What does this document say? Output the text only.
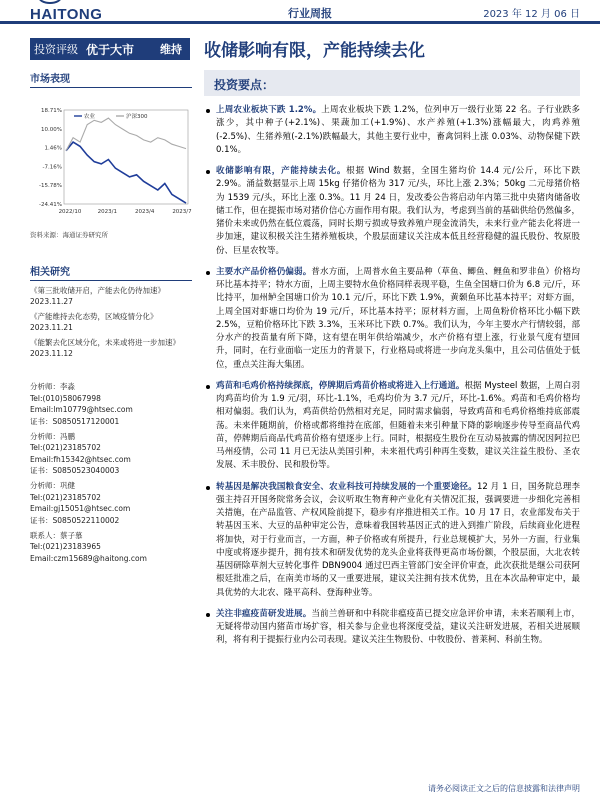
HAITONG	行业周报	2023 年 12 月 06 日
投资评级 优于大市	维持	收储影响有限，产能持续去化
市场表现
18.71%
10.00%
1.46%
-7.16%
-15.78%
-24.41%
2022/10	2023/1	2023/4	2023/7
农业	沪深300
资料来源：海通证券研究所
相关研究
《第三批收储开启，产能去化仍待加速》2023.11.27
《产能维持去化态势，区域疫情分化》2023.11.21
《能繁去化区域分化，未来或将进一步加速》2023.11.12
分析师：李淼
Tel:(010)58067998
Email:lm10779@htsec.com
证书：S0850517120001
分析师：冯鹏
Tel:(021)23185702
Email:fh15342@htsec.com
证书：S0850523040003
分析师：巩健
Tel:(021)23185702
Email:gj15051@htsec.com
证书：S0850522110002
联系人：蔡子慕
Tel:(021)23183965
Email:czm15689@haitong.com
投资要点：
上周农业板块下跌 1.2%。上周农业板块下跌 1.2%，位列申万一级行业第 22 名。子行业跌多涨少，其中种子(+2.1%)、果蔬加工(+1.9%)、水产养殖(+1.3%)涨幅最大，肉鸡养殖(-2.5%)、生猪养殖(-2.1%)跌幅最大，其他主要行业中，畜禽饲料上涨 0.03%、动物保健下跌 0.1%。
收储影响有限，产能持续去化。根据 Wind 数据，全国生猪均价 14.4 元/公斤，环比下跌 2.9%。涌益数据显示上周 15kg 仔猪价格为 317 元/头，环比上涨 2.3%；50kg 二元母猪价格为 1539 元/头，环比上涨 0.3%。11 月 24 日，发改委公告将启动年内第三批中央猪肉储备收储工作，但在提振市场对猪价信心方面作用有限。我们认为，考虑到当前的基础供给仍然偏多，猪价未来或仍然在低位震荡，同时长期亏损或导致养殖户现金流消失，未来行业产能去化将进一步加速，建议积极关注生猪养殖板块，个股层面建议关注成本低且经营稳健的温氏股份、牧原股份、巨星农牧等。
主要水产品价格仍偏弱。普水方面，上周普水鱼主要品种（草鱼、鲫鱼、鲤鱼和罗非鱼）价格均环比基本持平；特水方面，上周主要特水鱼价格同样表现平稳，生鱼全国塘口价为 6.8 元/斤，环比持平，加州鲈全国塘口价为 10.1 元/斤，环比下跌 1.9%，黄颡鱼环比基本持平；对虾方面，上周全国对虾塘口均价为 19 元/斤，环比基本持平；原材料方面，上周鱼粉价格环比小幅下跌 2.5%，豆粕价格环比下跌 3.3%，玉米环比下跌 0.7%。我们认为，今年主要水产行情较弱，部分水产的投苗量有所下降，这有望在明年供给端减少，水产价格有望上涨，行业景气度有望回升，同时，在行业面临一定压力的背景下，行业格局或将进一步向龙头集中，且公司估值处于低位，重点关注海大集团。
鸡苗和毛鸡价格持续探底，停牌期后鸡苗价格或将进入上行通道。根据 Mysteel 数据，上周白羽肉鸡苗均价为 1.9 元/羽，环比-1.1%，毛鸡均价为 3.7 元/斤，环比-1.6%。鸡苗和毛鸡价格均相对偏弱。我们认为，鸡苗供给仍然相对充足，同时需求偏弱，导致鸡苗和毛鸡价格维持底部震荡。未来伴随期前，价格或都将维持在底部，但随着未来引种量下降的影响逐步传导至商品代鸡苗，停牌期后商品代鸡苗价格有望逐步上行。同时，根据疫生股份在互动易披露的情况因阿拉巴马州疫情，公司 11 月已无法从美国引种，未来祖代鸡引种再生变数，建议关注益生股份、圣农发展、禾丰股份、民和股份等。
转基因是解决我国粮食安全、农业科技可持续发展的一个重要途径。12 月 1 日，国务院总理李强主持召开国务院常务会议，会议听取生物育种产业化有关情况汇报，强调要进一步细化完善相关措施，在产品监管、产权风险前提下，稳步有序推进相关工作。10 月 17 日，农业部发布关于转基因玉米、大豆的品种审定公告，意味着我国转基因正式的进入到推广阶段，后续商业化进程将加快，对于行业而言，一方面，种子价格或有所提升，行业总规模扩大，另外一方面，行业集中度或将逐步提升，拥有技术和研发优势的龙头企业将获得更高市场份额，个股层面，大北农转基因研除草剂大豆转化事件 DBN9004 通过巴西主管部门安全评价审查，此次获批是继公司获阿根廷批准之后，在南美市场的又一重要进展，建议关注拥有技术优势，且在本次品种审定中，最具优势的大北农、隆平高科、登海种业等。
关注非瘟疫苗研发进展。当前兰兽研和中科院非瘟疫苗已提交应急评价申请，未来若顺利上市，无疑将带动国内猪苗市场扩容，相关参与企业也将深度受益，建议关注研发进展，若相关进展顺利，将有利于提振行业内公司表现。建议关注生物股份、中牧股份、普莱柯、科前生物。
请务必阅读正文之后的信息披露和法律声明
